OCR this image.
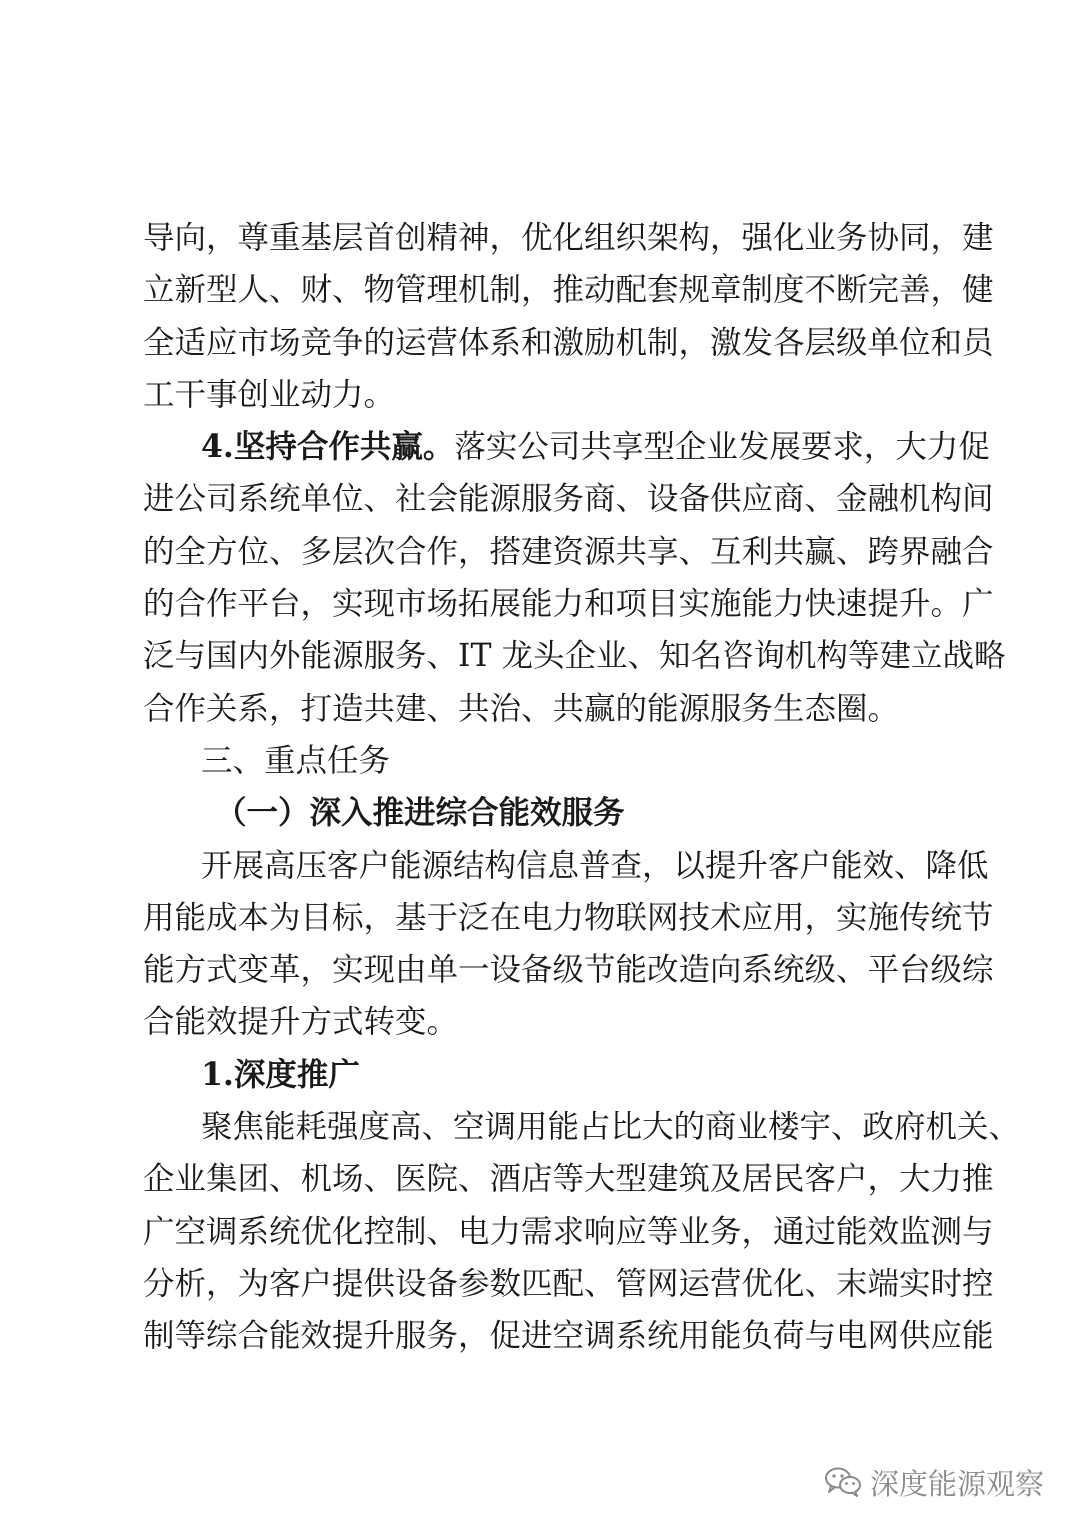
导向，尊重基层首创精神，优化组织架构，强化业务协同，建
立新型人、财、物管理机制，推动配套规章制度不断完善，健
全适应市场竞争的运营体系和激励机制，激发各层级单位和员
工干事创业动力。
4.坚持合作共赢。落实公司共享型企业发展要求，大力促
进公司系统单位、社会能源服务商、设备供应商、金融机构间
的全方位、多层次合作，搭建资源共享、互利共赢、跨界融合
的合作平台，实现市场拓展能力和项目实施能力快速提升。广
泛与国内外能源服务、IT 龙头企业、知名咨询机构等建立战略
合作关系，打造共建、共治、共赢的能源服务生态圈。
三、重点任务
（一）深入推进综合能效服务
开展高压客户能源结构信息普查，以提升客户能效、降低
用能成本为目标，基于泛在电力物联网技术应用，实施传统节
能方式变革，实现由单一设备级节能改造向系统级、平台级综
合能效提升方式转变。
1.深度推广
聚焦能耗强度高、空调用能占比大的商业楼宇、政府机关、
企业集团、机场、医院、酒店等大型建筑及居民客户，大力推
广空调系统优化控制、电力需求响应等业务，通过能效监测与
分析，为客户提供设备参数匹配、管网运营优化、末端实时控
制等综合能效提升服务，促进空调系统用能负荷与电网供应能
深度能源观察
